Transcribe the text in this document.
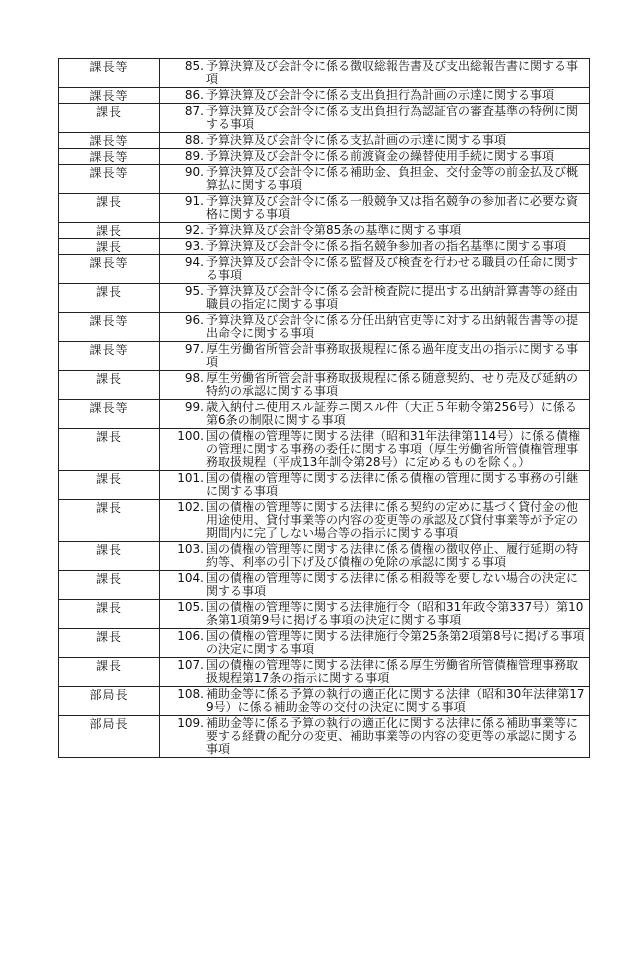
課長等	85. 予算決算及び会計令に係る徴収総報告書及び支出総報告書に関する事項

課長等	86. 予算決算及び会計令に係る支出負担行為計画の示達に関する事項

課長	87. 予算決算及び会計令に係る支出負担行為認証官の審査基準の特例に関する事項

課長等	88. 予算決算及び会計令に係る支払計画の示達に関する事項

課長等	89. 予算決算及び会計令に係る前渡資金の繰替使用手続に関する事項

課長等	90. 予算決算及び会計令に係る補助金、負担金、交付金等の前金払及び概算払に関する事項

課長	91. 予算決算及び会計令に係る一般競争又は指名競争の参加者に必要な資格に関する事項

課長	92. 予算決算及び会計令第85条の基準に関する事項

課長	93. 予算決算及び会計令に係る指名競争参加者の指名基準に関する事項

課長等	94. 予算決算及び会計令に係る監督及び検査を行わせる職員の任命に関する事項

課長	95. 予算決算及び会計令に係る会計検査院に提出する出納計算書等の経由職員の指定に関する事項

課長等	96. 予算決算及び会計令に係る分任出納官吏等に対する出納報告書等の提出命令に関する事項

課長等	97. 厚生労働省所管会計事務取扱規程に係る過年度支出の指示に関する事項

課長	98. 厚生労働省所管会計事務取扱規程に係る随意契約、せり売及び延納の特約の承認に関する事項

課長等	99. 歳入納付ニ使用スル証券ニ関スル件（大正５年勅令第256号）に係る第6条の制限に関する事項

課長	100. 国の債権の管理等に関する法律（昭和31年法律第114号）に係る債権の管理に関する事務の委任に関する事項（厚生労働省所管債権管理事務取扱規程（平成13年訓令第28号）に定めるものを除く。）

課長	101. 国の債権の管理等に関する法律に係る債権の管理に関する事務の引継に関する事項

課長	102. 国の債権の管理等に関する法律に係る契約の定めに基づく貸付金の他用途使用、貸付事業等の内容の変更等の承認及び貸付事業等が予定の期間内に完了しない場合等の指示に関する事項

課長	103. 国の債権の管理等に関する法律に係る債権の徴収停止、履行延期の特約等、利率の引下げ及び債権の免除の承認に関する事項

課長	104. 国の債権の管理等に関する法律に係る相殺等を要しない場合の決定に関する事項

課長	105. 国の債権の管理等に関する法律施行令（昭和31年政令第337号）第10条第1項第9号に掲げる事項の決定に関する事項

課長	106. 国の債権の管理等に関する法律施行令第25条第2項第8号に掲げる事項の決定に関する事項

課長	107. 国の債権の管理等に関する法律に係る厚生労働省所管債権管理事務取扱規程第17条の指示に関する事項

部局長	108. 補助金等に係る予算の執行の適正化に関する法律（昭和30年法律第179号）に係る補助金等の交付の決定に関する事項

部局長	109. 補助金等に係る予算の執行の適正化に関する法律に係る補助事業等に要する経費の配分の変更、補助事業等の内容の変更等の承認に関する事項
